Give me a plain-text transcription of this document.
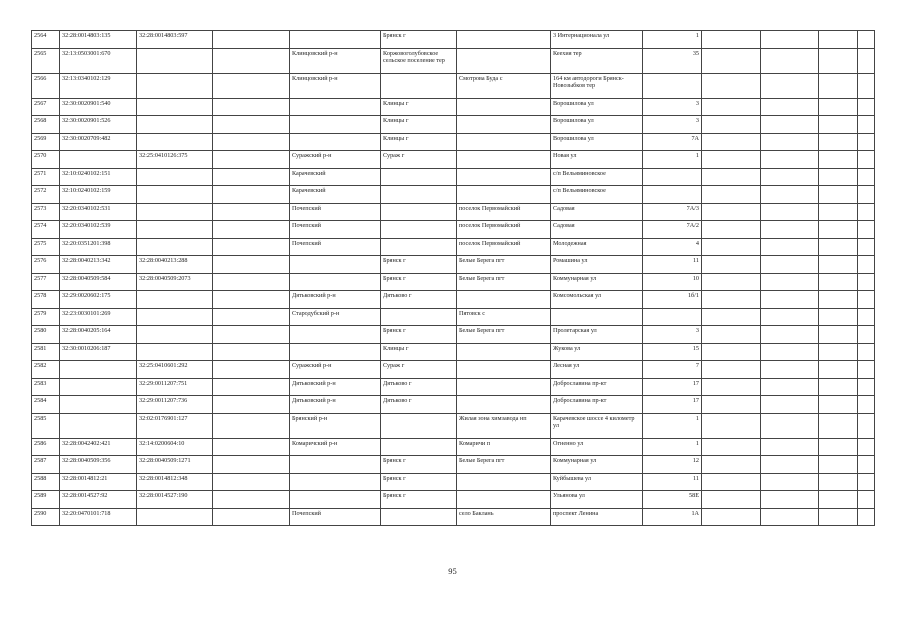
2564	32:28:0014803:135	32:28:0014803:597			Брянск г		3 Интернационала ул	1				
2565	32:13:0503001:670			Клинцовский р-н	Коржовоголубовское сельское поселение тер		Кеехия тер	35				
2566	32:13:0340102:129			Клинцовский р-н		Смотрова Буда с	164 км автодороги Брянск-Новозыбков тер					
2567	32:30:0020901:540				Клинцы г		Ворошилова ул	3				
2568	32:30:0020901:526				Клинцы г		Ворошилова ул	3				
2569	32:30:0020709:482				Клинцы г		Ворошилова ул	7А				
2570		32:25:0410126:375		Суражский р-н	Сураж г		Новая ул	1				
2571	32:10:0240102:151			Карачевский			с/п Вельяминовское					
2572	32:10:0240102:159			Карачевский			с/п Вельяминовское					
2573	32:20:0340102:531			Почепский		поселок Первомайский	Садовая	7А/3				
2574	32:20:0340102:539			Почепский		поселок Первомайский	Садовая	7А/2				
2575	32:20:0351201:398			Почепский		поселок Первомайский	Молодежная	4				
2576	32:28:0040213:342	32:28:0040213:288			Брянск г	Белые Берега пгт	Ромашина ул	11				
2577	32:28:0040509:584	32:28:0040509:2073			Брянск г	Белые Берега пгт	Коммунарная ул	10				
2578	32:29:0020602:175			Дятьковский р-н	Дятьково г		Комсомольская ул	1б/1				
2579	32:23:0030101:269			Стародубский р-н		Пятовск с						
2580	32:28:0040205:164				Брянск г	Белые Берега пгт	Пролетарская ул	3				
2581	32:30:0010206:187				Клинцы г		Жукова ул	15				
2582		32:25:0410601:292		Суражский р-н	Сураж г		Лесная ул	7				
2583		32:29:0011207:751		Дятьковский р-н	Дятьково г		Доброславина пр-кт	17				
2584		32:29:0011207:736		Дятьковский р-н	Дятьково г		Доброславина пр-кт	17				
2585		32:02:0176901:127		Брянский р-н		Жилая зона химзавода нп	Карачевское шоссе 4 километр ул	1				
2586	32:28:0042402:421	32:14:0200604:10		Комаричский р-н		Комаричи п	Огненно ул	1				
2587	32:28:0040509:356	32:28:0040509:1271			Брянск г	Белые Берега пгт	Коммунарная ул	12				
2588	32:28:0014812:21	32:28:0014812:348			Брянск г		Куйбышева ул	11				
2589	32:28:0014527:92	32:28:0014527:190			Брянск г		Ульянова ул	58Е				
2590	32:20:0470101:718			Почепский		село Баклань	проспект Ленина	1А				
95
